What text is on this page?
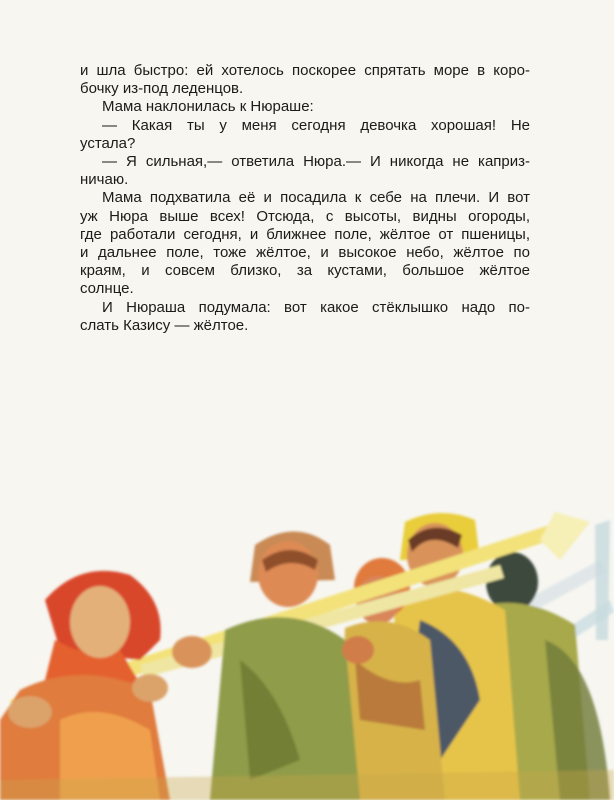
и шла быстро: ей хотелось поскорее спрятать море в коро-
бочку из-под леденцов.
Мама наклонилась к Нюраше:
— Какая ты у меня сегодня девочка хорошая! Не
устала?
— Я сильная,— ответила Нюра.— И никогда не каприз-
ничаю.
Мама подхватила её и посадила к себе на плечи. И вот
уж Нюра выше всех! Отсюда, с высоты, видны огороды,
где работали сегодня, и ближнее поле, жёлтое от пшеницы,
и дальнее поле, тоже жёлтое, и высокое небо, жёлтое по
краям, и совсем близко, за кустами, большое жёлтое
солнце.
И Нюраша подумала: вот какое стёклышко надо по-
слать Казису — жёлтое.
